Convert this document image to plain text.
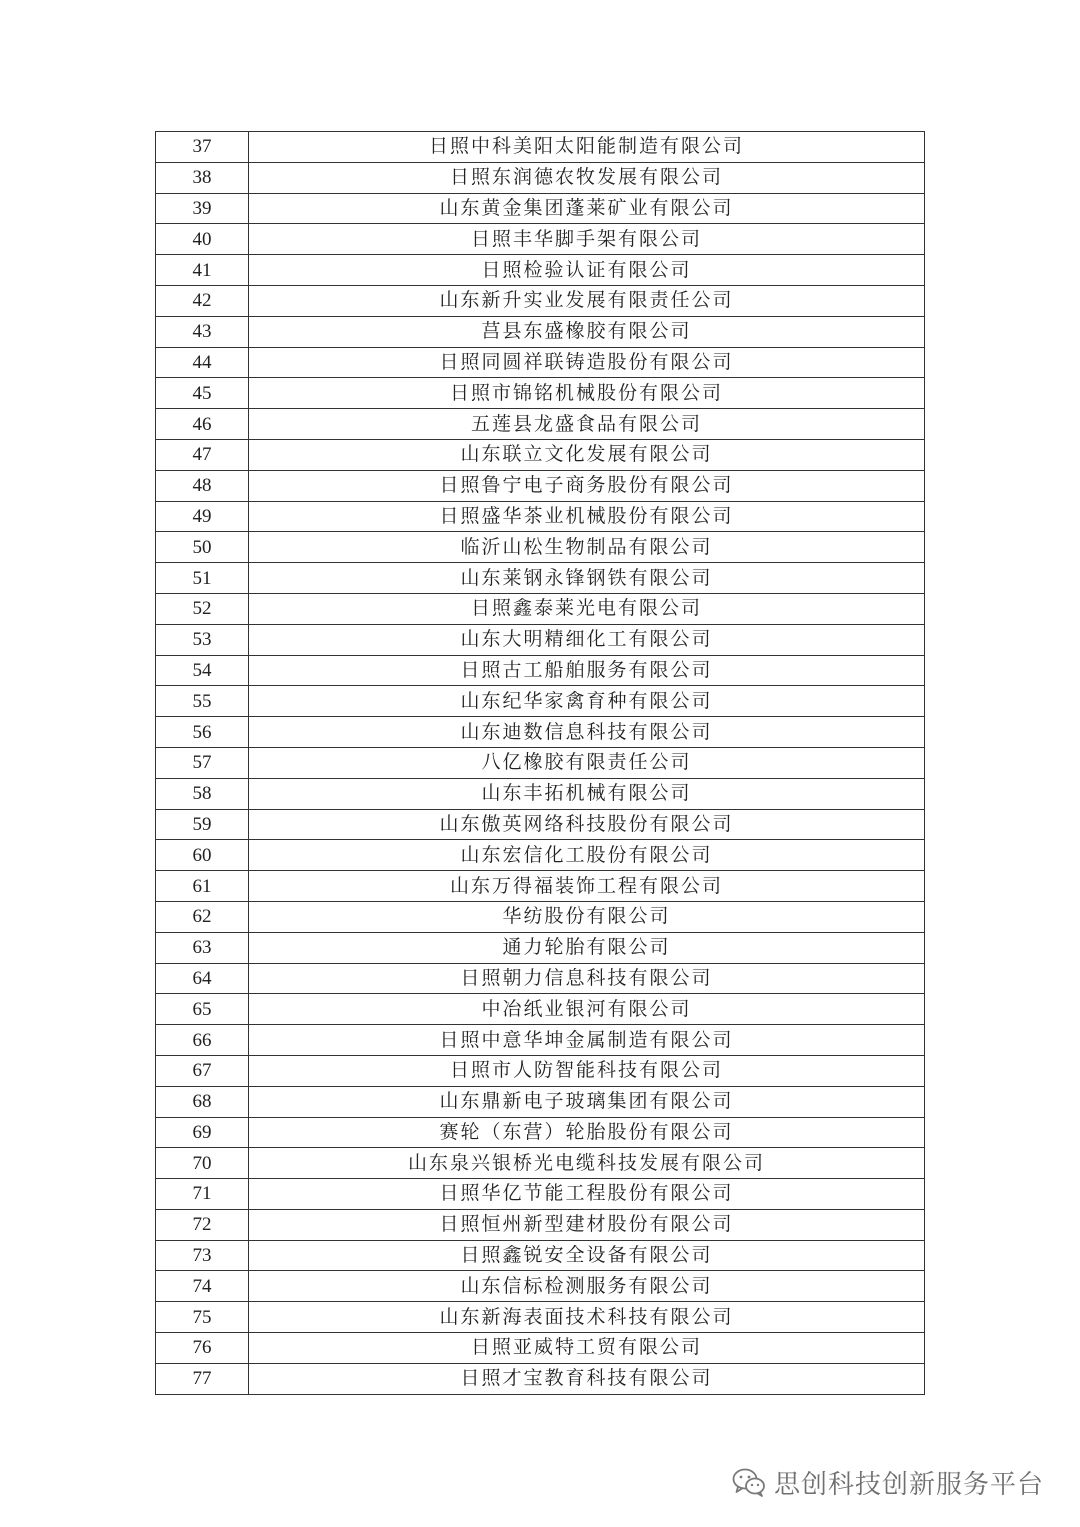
37	日照中科美阳太阳能制造有限公司
38	日照东润德农牧发展有限公司
39	山东黄金集团蓬莱矿业有限公司
40	日照丰华脚手架有限公司
41	日照检验认证有限公司
42	山东新升实业发展有限责任公司
43	莒县东盛橡胶有限公司
44	日照同圆祥联铸造股份有限公司
45	日照市锦铭机械股份有限公司
46	五莲县龙盛食品有限公司
47	山东联立文化发展有限公司
48	日照鲁宁电子商务股份有限公司
49	日照盛华茶业机械股份有限公司
50	临沂山松生物制品有限公司
51	山东莱钢永锋钢铁有限公司
52	日照鑫泰莱光电有限公司
53	山东大明精细化工有限公司
54	日照古工船舶服务有限公司
55	山东纪华家禽育种有限公司
56	山东迪数信息科技有限公司
57	八亿橡胶有限责任公司
58	山东丰拓机械有限公司
59	山东傲英网络科技股份有限公司
60	山东宏信化工股份有限公司
61	山东万得福装饰工程有限公司
62	华纺股份有限公司
63	通力轮胎有限公司
64	日照朝力信息科技有限公司
65	中冶纸业银河有限公司
66	日照中意华坤金属制造有限公司
67	日照市人防智能科技有限公司
68	山东鼎新电子玻璃集团有限公司
69	赛轮（东营）轮胎股份有限公司
70	山东泉兴银桥光电缆科技发展有限公司
71	日照华亿节能工程股份有限公司
72	日照恒州新型建材股份有限公司
73	日照鑫锐安全设备有限公司
74	山东信标检测服务有限公司
75	山东新海表面技术科技有限公司
76	日照亚威特工贸有限公司
77	日照才宝教育科技有限公司
思创科技创新服务平台
